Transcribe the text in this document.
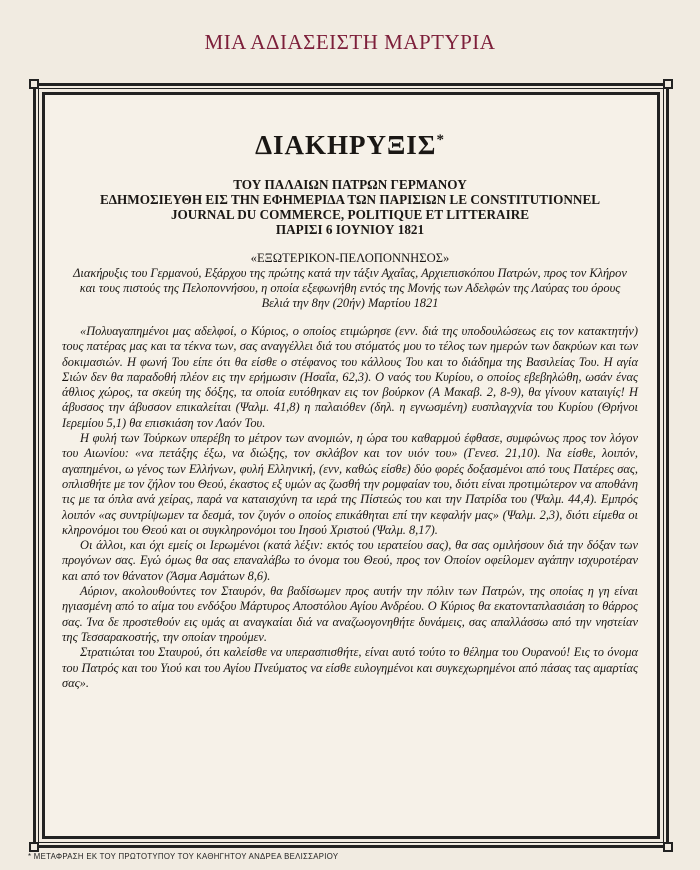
ΜΙΑ ΑΔΙΑΣΕΙΣΤΗ ΜΑΡΤΥΡΙΑ
ΔΙΑΚΗΡΥΞΙΣ*

ΤΟΥ ΠΑΛΑΙΩΝ ΠΑΤΡΩΝ ΓΕΡΜΑΝΟΥ

ΕΔΗΜΟΣΙΕΥΘΗ ΕΙΣ ΤΗΝ ΕΦΗΜΕΡΙΔΑ ΤΩΝ ΠΑΡΙΣΙΩΝ LE CONSTITUTIONNEL

JOURNAL DU COMMERCE, POLITIQUE ET LITTERAIRE

ΠΑΡΙΣΙ 6 ΙΟΥΝΙΟΥ 1821

«ΕΞΩΤΕΡΙΚΟΝ-ΠΕΛΟΠΟΝΝΗΣΟΣ»

Διακήρυξις του Γερμανού, Εξάρχου της πρώτης κατά την τάξιν Αχαΐας, Αρχιεπισκόπου Πατρών, προς τον Κλήρον και τους πιστούς της Πελοποννήσου, η οποία εξεφωνήθη εντός της Μονής των Αδελφών της Λαύρας του όρους Βελιά την 8ην (20ήν) Μαρτίου 1821

«Πολυαγαπημένοι μας αδελφοί, ο Κύριος, ο οποίος ετιμώρησε (ενν. διά της υποδουλώσεως εις τον κατακτητήν) τους πατέρας μας και τα τέκνα των, σας αναγγέλλει διά του στόματός μου το τέλος των ημερών των δακρύων και των δοκιμασιών. Η φωνή Του είπε ότι θα είσθε ο στέφανος του κάλλους Του και το διάδημα της Βασιλείας Του. Η αγία Σιών δεν θα παραδοθή πλέον εις την ερήμωσιν (Ησαΐα, 62,3). Ο ναός του Κυρίου, ο οποίος εβεβηλώθη, ωσάν ένας άθλιος χώρος, τα σκεύη της δόξης, τα οποία ευτόθηκαν εις τον βούρκον (Α Μακαβ. 2, 8-9), θα γίνουν καταιγίς! Η άβυσσος την άβυσσον επικαλείται (Ψαλμ. 41,8) η παλαιόθεν (δηλ. η εγνωσμένη) ευσπλαγχνία του Κυρίου (Θρήνοι Ιερεμίου 5,1) θα επισκιάση τον Λαόν Του.

Η φυλή των Τούρκων υπερέβη το μέτρον των ανομιών, η ώρα του καθαρμού έφθασε, συμφώνως προς τον λόγον του Αιωνίου: «να πετάξης έξω, να διώξης, τον σκλάβον και τον υιόν του» (Γενεσ. 21,10). Να είσθε, λοιπόν, αγαπημένοι, ω γένος των Ελλήνων, φυλή Ελληνική, (ενν, καθώς είσθε) δύο φορές δοξασμένοι από τους Πατέρες σας, οπλισθήτε με τον ζήλον του Θεού, έκαστος εξ υμών ας ζωσθή την ρομφαίαν του, διότι είναι προτιμώτερον να αποθάνη τις με τα όπλα ανά χείρας, παρά να καταισχύνη τα ιερά της Πίστεώς του και την Πατρίδα του (Ψαλμ. 44,4). Εμπρός λοιπόν «ας συντρίψωμεν τα δεσμά, τον ζυγόν ο οποίος επικάθηται επί την κεφαλήν μας» (Ψαλμ. 2,3), διότι είμεθα οι κληρονόμοι του Θεού και οι συγκληρονόμοι του Ιησού Χριστού (Ψαλμ. 8,17).

Οι άλλοι, και όχι εμείς οι Ιερωμένοι (κατά λέξιν: εκτός του ιερατείου σας), θα σας ομιλήσουν διά την δόξαν των προγόνων σας. Εγώ όμως θα σας επαναλάβω το όνομα του Θεού, προς τον Οποίον οφείλομεν αγάπην ισχυροτέραν και από τον θάνατον (Άσμα Ασμάτων 8,6).

Αύριον, ακολουθούντες τον Σταυρόν, θα βαδίσωμεν προς αυτήν την πόλιν των Πατρών, της οποίας η γη είναι ηγιασμένη από το αίμα του ενδόξου Μάρτυρος Αποστόλου Αγίου Ανδρέου. Ο Κύριος θα εκατονταπλασιάση το θάρρος σας. Ίνα δε προστεθούν εις υμάς αι αναγκαίαι διά να αναζωογονηθήτε δυνάμεις, σας απαλλάσσω από την νηστείαν της Τεσσαρακοστής, την οποίαν τηρούμεν.

Στρατιώται του Σταυρού, ότι καλείσθε να υπερασπισθήτε, είναι αυτό τούτο το θέλημα του Ουρανού! Εις το όνομα του Πατρός και του Υιού και του Αγίου Πνεύματος να είσθε ευλογημένοι και συγκεχωρημένοι από πάσας τας αμαρτίας σας».

* ΜΕΤΑΦΡΑΣΗ ΕΚ ΤΟΥ ΠΡΩΤΟΤΥΠΟΥ ΤΟΥ ΚΑΘΗΓΗΤΟΥ ΑΝΔΡΕΑ ΒΕΛΙΣΣΑΡΙΟΥ
